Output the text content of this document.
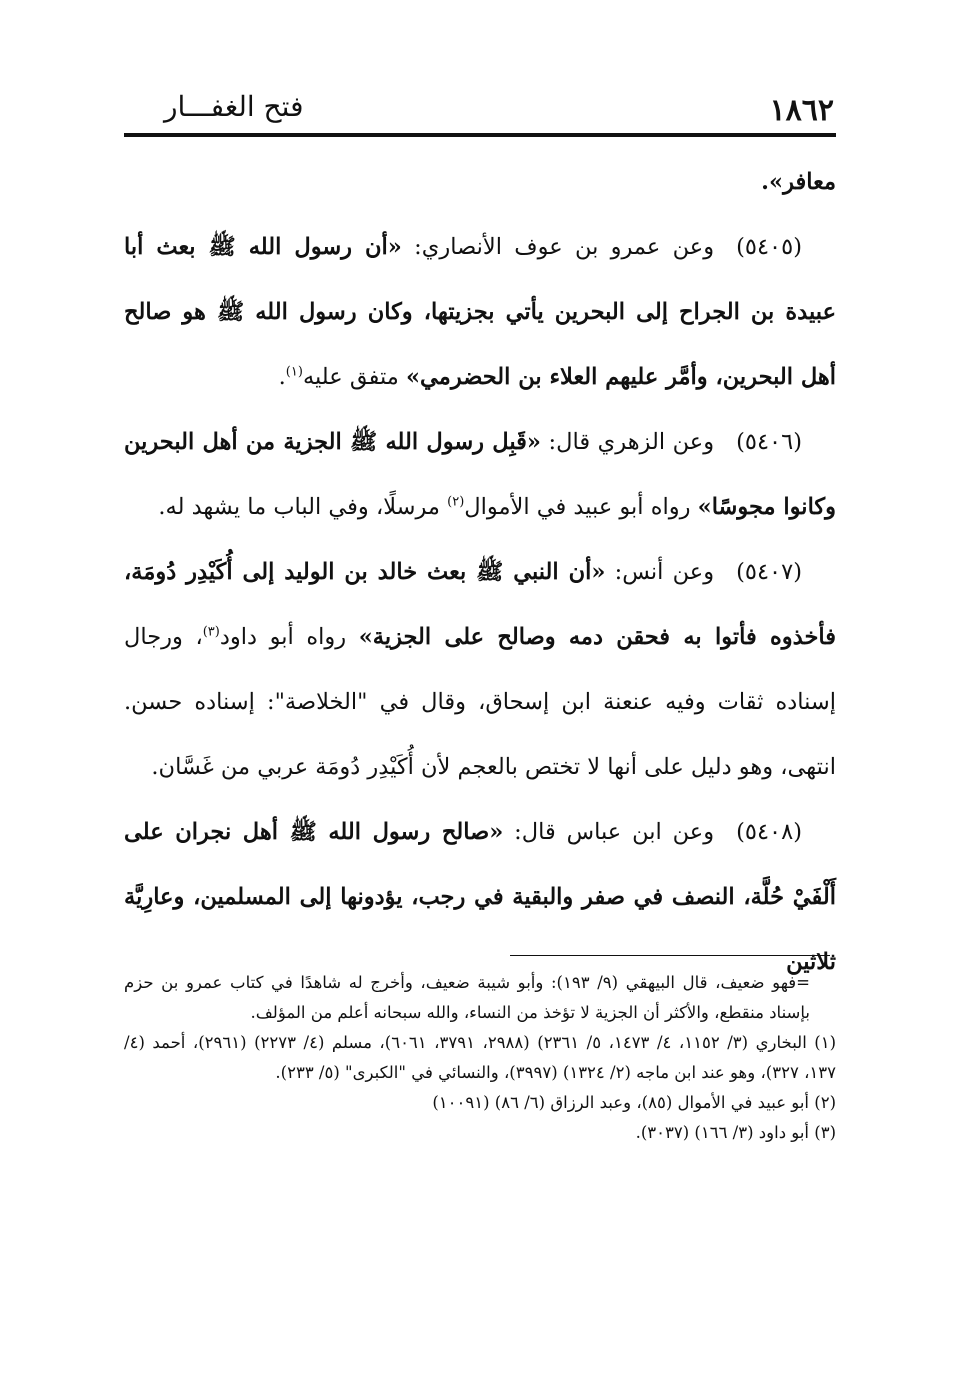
١٨٦٢
فتح الغفـــار

معافر».

(٥٤٠٥)وعن عمرو بن عوف الأنصاري: «أن رسول الله ﷺ بعث أبا عبيدة بن الجراح إلى البحرين يأتي بجزيتها، وكان رسول الله ﷺ هو صالح أهل البحرين، وأمَّر عليهم العلاء بن الحضرمي» متفق عليه$^{(١)}$.

(٥٤٠٦)وعن الزهري قال: «قَبِل رسول الله ﷺ الجزية من أهل البحرين وكانوا مجوسًا» رواه أبو عبيد في الأموال$^{(٢)}$ مرسلًا، وفي الباب ما يشهد له.

(٥٤٠٧)وعن أنس: «أن النبي ﷺ بعث خالد بن الوليد إلى أُكَيْدِر دُومَة، فأخذوه فأتوا به فحقن دمه وصالح على الجزية» رواه أبو داود$^{(٣)}$، ورجال إسناده ثقات وفيه عنعنة ابن إسحاق، وقال في "الخلاصة": إسناده حسن. انتهى، وهو دليل على أنها لا تختص بالعجم لأن أُكَيْدِر دُومَة عربي من غَسَّان.

(٥٤٠٨)وعن ابن عباس قال: «صالح رسول الله ﷺ أهل نجران على أَلْفَيْ حُلَّة، النصف في صفر والبقية في رجب، يؤدونها إلى المسلمين، وعارِيَّة ثلاثين

=فهو ضعيف، قال البيهقي (٩/ ١٩٣): وأبو شيبة ضعيف، وأخرج له شاهدًا في كتاب عمرو بن حزم بإسناد منقطع، والأكثر أن الجزية لا تؤخذ من النساء، والله سبحانه أعلم من المؤلف.

(١) البخاري (٣/ ١١٥٢، ٤/ ١٤٧٣، ٥/ ٢٣٦١) (٢٩٨٨، ٣٧٩١، ٦٠٦١)، مسلم (٤/ ٢٢٧٣) (٢٩٦١)، أحمد (٤/ ١٣٧، ٣٢٧)، وهو عند ابن ماجه (٢/ ١٣٢٤) (٣٩٩٧)، والنسائي في "الكبرى" (٥/ ٢٣٣).

(٢) أبو عبيد في الأموال (٨٥)، وعبد الرزاق (٦/ ٨٦) (١٠٠٩١)

(٣) أبو داود (٣/ ١٦٦) (٣٠٣٧).
